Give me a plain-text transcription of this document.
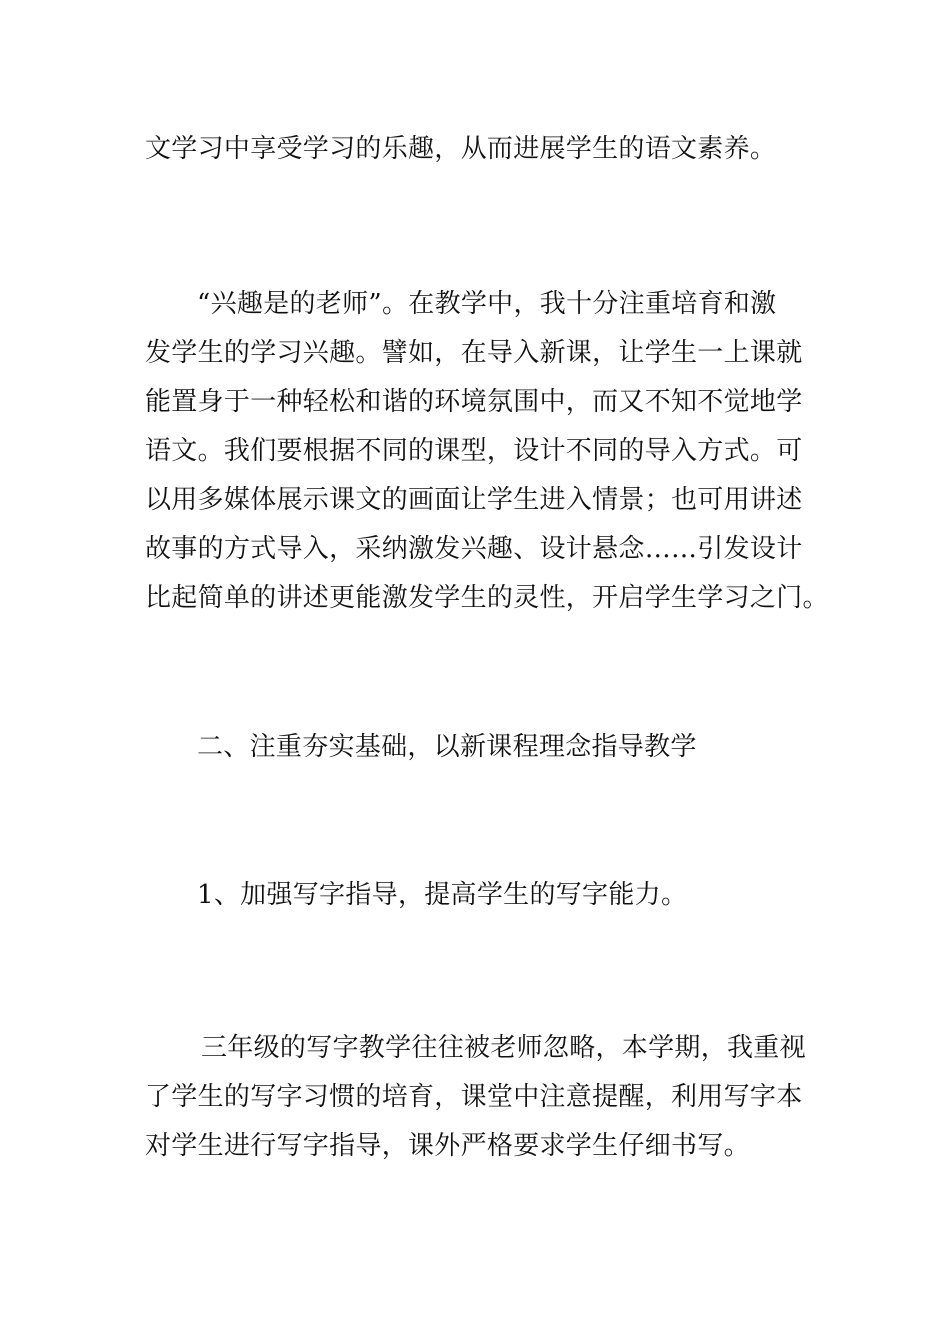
文学习中享受学习的乐趣，从而进展学生的语文素养。

“兴趣是的老师”。在教学中，我十分注重培育和激
发学生的学习兴趣。譬如，在导入新课，让学生一上课就
能置身于一种轻松和谐的环境氛围中，而又不知不觉地学
语文。我们要根据不同的课型，设计不同的导入方式。可
以用多媒体展示课文的画面让学生进入情景；也可用讲述
故事的方式导入，采纳激发兴趣、设计悬念……引发设计
比起简单的讲述更能激发学生的灵性，开启学生学习之门。

二、注重夯实基础，以新课程理念指导教学

1、加强写字指导，提高学生的写字能力。

三年级的写字教学往往被老师忽略，本学期，我重视
了学生的写字习惯的培育，课堂中注意提醒，利用写字本
对学生进行写字指导，课外严格要求学生仔细书写。
